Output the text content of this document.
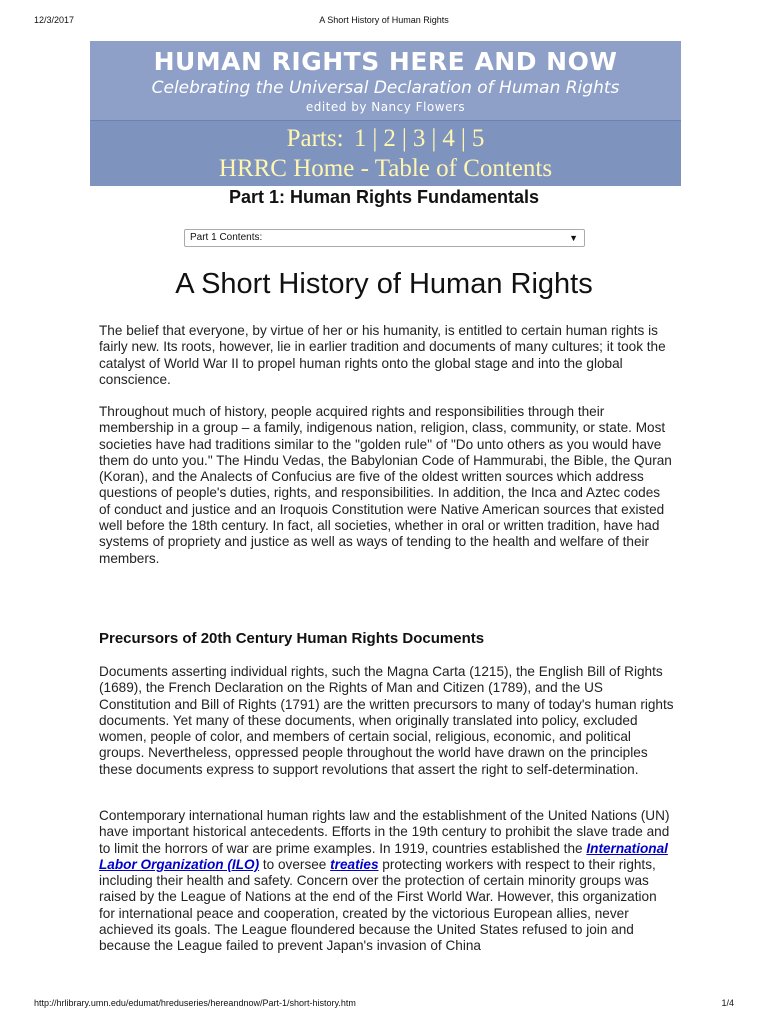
12/3/2017	A Short History of Human Rights
HUMAN RIGHTS HERE AND NOW
Celebrating the Universal Declaration of Human Rights
edited by Nancy Flowers
Parts: 1 | 2 | 3 | 4 | 5
HRRC Home - Table of Contents
Part 1: Human Rights Fundamentals
Part 1 Contents:	▼
A Short History of Human Rights

The belief that everyone, by virtue of her or his humanity, is entitled to certain human rights is fairly new. Its roots, however, lie in earlier tradition and documents of many cultures; it took the catalyst of World War II to propel human rights onto the global stage and into the global conscience.

Throughout much of history, people acquired rights and responsibilities through their membership in a group – a family, indigenous nation, religion, class, community, or state. Most societies have had traditions similar to the "golden rule" of "Do unto others as you would have them do unto you." The Hindu Vedas, the Babylonian Code of Hammurabi, the Bible, the Quran (Koran), and the Analects of Confucius are five of the oldest written sources which address questions of people's duties, rights, and responsibilities. In addition, the Inca and Aztec codes of conduct and justice and an Iroquois Constitution were Native American sources that existed well before the 18th century. In fact, all societies, whether in oral or written tradition, have had systems of propriety and justice as well as ways of tending to the health and welfare of their members.

Precursors of 20th Century Human Rights Documents

Documents asserting individual rights, such the Magna Carta (1215), the English Bill of Rights (1689), the French Declaration on the Rights of Man and Citizen (1789), and the US Constitution and Bill of Rights (1791) are the written precursors to many of today's human rights documents. Yet many of these documents, when originally translated into policy, excluded women, people of color, and members of certain social, religious, economic, and political groups. Nevertheless, oppressed people throughout the world have drawn on the principles these documents express to support revolutions that assert the right to self-determination.

Contemporary international human rights law and the establishment of the United Nations (UN) have important historical antecedents. Efforts in the 19th century to prohibit the slave trade and to limit the horrors of war are prime examples. In 1919, countries established the International Labor Organization (ILO) to oversee treaties protecting workers with respect to their rights, including their health and safety. Concern over the protection of certain minority groups was raised by the League of Nations at the end of the First World War. However, this organization for international peace and cooperation, created by the victorious European allies, never achieved its goals. The League floundered because the United States refused to join and because the League failed to prevent Japan's invasion of China

http://hrlibrary.umn.edu/edumat/hreduseries/hereandnow/Part-1/short-history.htm	1/4
